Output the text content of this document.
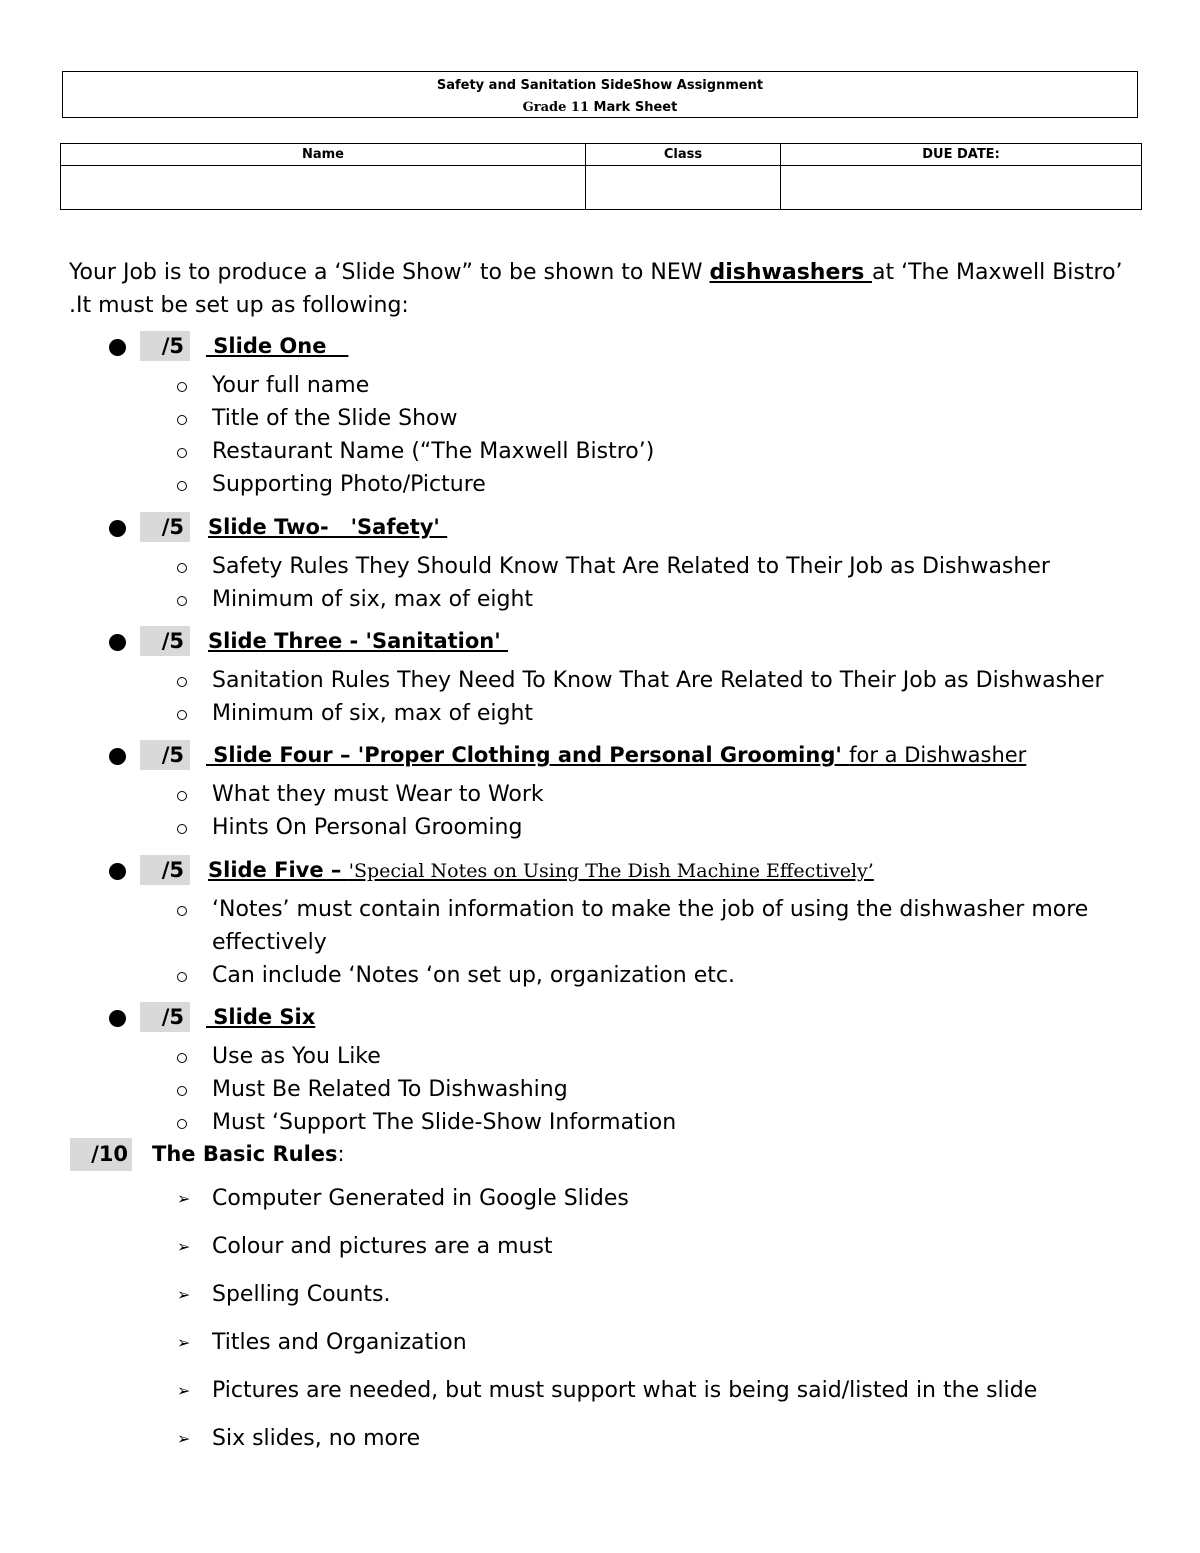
Safety and Sanitation SideShow Assignment
Grade 11 Mark Sheet
Name	Class	DUE DATE:

Your Job is to produce a ‘Slide Show” to be shown to NEW dishwashers at ‘The Maxwell Bistro’ .It must be set up as following:
/5 Slide One
Your full name
Title of the Slide Show
Restaurant Name (“The Maxwell Bistro’)
Supporting Photo/Picture
/5 Slide Two-   'Safety'
Safety Rules They Should Know That Are Related to Their Job as Dishwasher
Minimum of six, max of eight
/5 Slide Three - 'Sanitation'
Sanitation Rules They Need To Know That Are Related to Their Job as Dishwasher
Minimum of six, max of eight
/5 Slide Four – 'Proper Clothing and Personal Grooming' for a Dishwasher
What they must Wear to Work
Hints On Personal Grooming
/5 Slide Five – 'Special Notes on Using The Dish Machine Effectively’
‘Notes’ must contain information to make the job of using the dishwasher more effectively
Can include ‘Notes ‘on set up, organization etc.
/5 Slide Six
Use as You Like
Must Be Related To Dishwashing
Must ‘Support The Slide-Show Information
/10 The Basic Rules:
➢ Computer Generated in Google Slides
➢ Colour and pictures are a must
➢ Spelling Counts.
➢ Titles and Organization
➢ Pictures are needed, but must support what is being said/listed in the slide
➢ Six slides, no more
